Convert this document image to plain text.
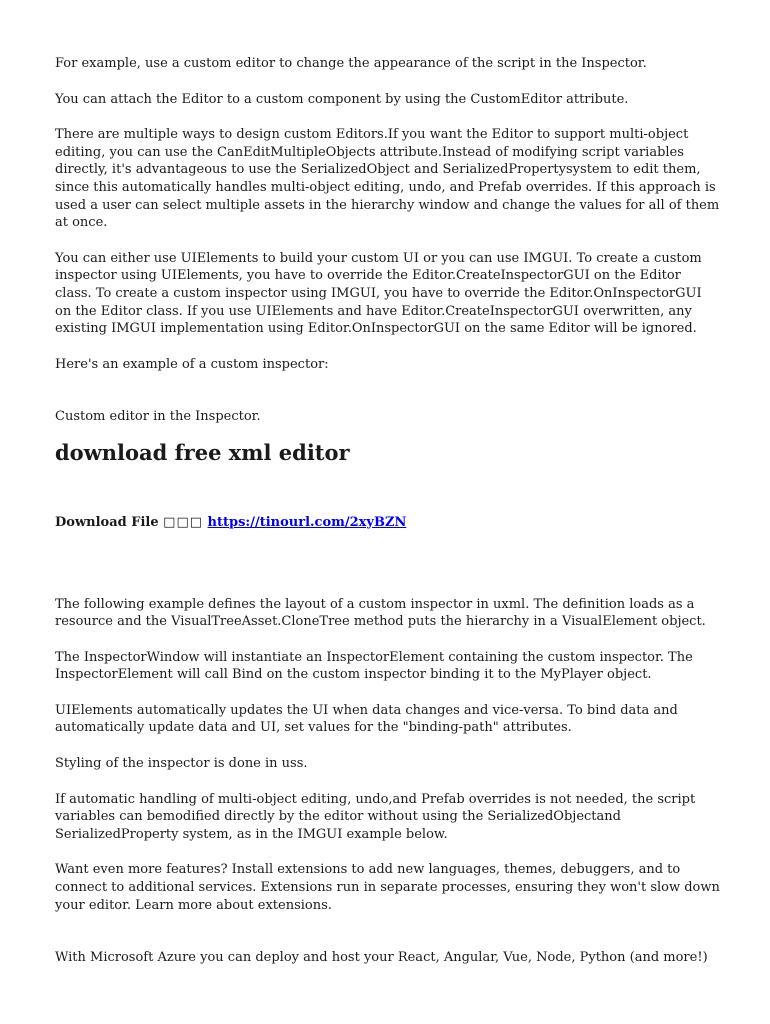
For example, use a custom editor to change the appearance of the script in the Inspector.

You can attach the Editor to a custom component by using the CustomEditor attribute.

There are multiple ways to design custom Editors.If you want the Editor to support multi-object editing, you can use the CanEditMultipleObjects attribute.Instead of modifying script variables directly, it's advantageous to use the SerializedObject and SerializedPropertysystem to edit them, since this automatically handles multi-object editing, undo, and Prefab overrides. If this approach is used a user can select multiple assets in the hierarchy window and change the values for all of them at once.

You can either use UIElements to build your custom UI or you can use IMGUI. To create a custom inspector using UIElements, you have to override the Editor.CreateInspectorGUI on the Editor class. To create a custom inspector using IMGUI, you have to override the Editor.OnInspectorGUI on the Editor class. If you use UIElements and have Editor.CreateInspectorGUI overwritten, any existing IMGUI implementation using Editor.OnInspectorGUI on the same Editor will be ignored.

Here's an example of a custom inspector:

Custom editor in the Inspector.

download free xml editor

Download File □□□ https://tinourl.com/2xyBZN

The following example defines the layout of a custom inspector in uxml. The definition loads as a resource and the VisualTreeAsset.CloneTree method puts the hierarchy in a VisualElement object.

The InspectorWindow will instantiate an InspectorElement containing the custom inspector. The InspectorElement will call Bind on the custom inspector binding it to the MyPlayer object.

UIElements automatically updates the UI when data changes and vice-versa. To bind data and automatically update data and UI, set values for the "binding-path" attributes.

Styling of the inspector is done in uss.

If automatic handling of multi-object editing, undo,and Prefab overrides is not needed, the script variables can bemodified directly by the editor without using the SerializedObjectand SerializedProperty system, as in the IMGUI example below.

Want even more features? Install extensions to add new languages, themes, debuggers, and to connect to additional services. Extensions run in separate processes, ensuring they won't slow down your editor. Learn more about extensions.

With Microsoft Azure you can deploy and host your React, Angular, Vue, Node, Python (and more!)
